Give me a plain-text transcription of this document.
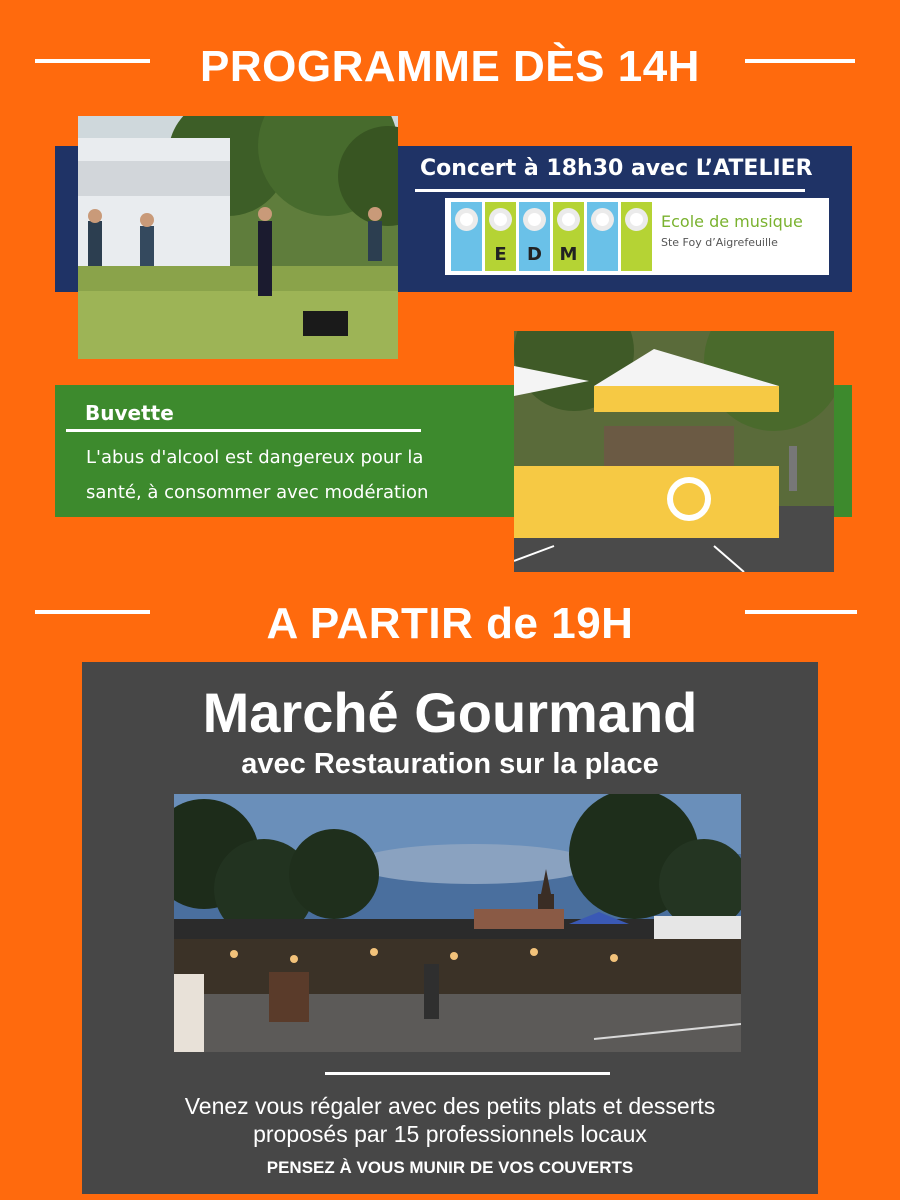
PROGRAMME DÈS 14H
Concert à 18h30 avec L’ATELIER
E	D M
Ecole de musique
Ste Foy d’Aigrefeuille
Buvette
L'abus d'alcool est dangereux pour la
santé, à consommer avec modération
A PARTIR de 19H
Marché Gourmand
avec Restauration sur la place
Venez vous régaler avec des petits plats et desserts
proposés par 15 professionnels locaux
PENSEZ À VOUS MUNIR DE VOS COUVERTS
